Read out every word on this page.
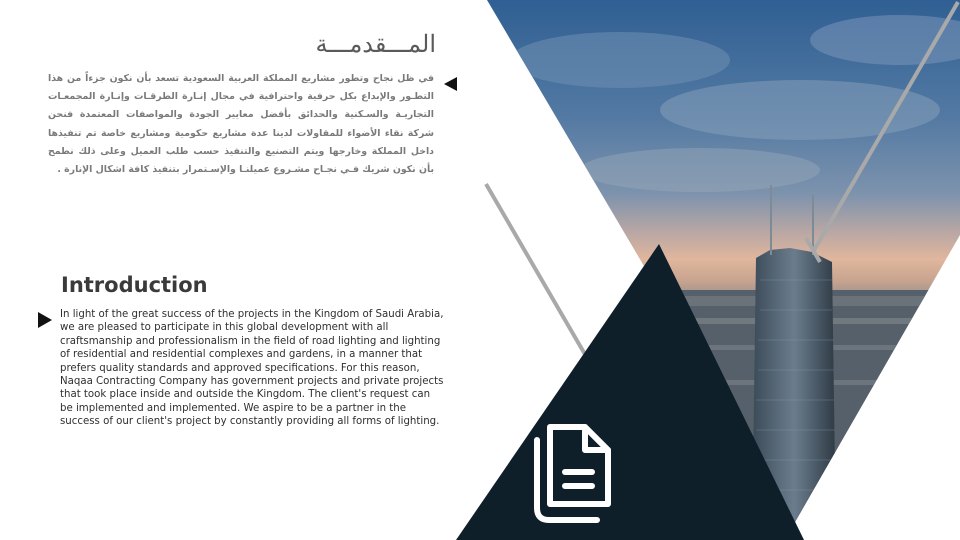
المـــقدمـــة
في ظل نجاح وتطور مشاريع المملكة العربية السعودية تسعد بأن نكون جزءاً من هذا التطـور والإبداع بكل حرفية واحترافية في مجال إنـارة الطرقـات وإنـارة المجمعـات التجاريـة والسـكنية والحدائق بأفضل معايير الجودة والمواصفات المعتمدة فنحن شركة نقاء الأضواء للمقاولات لدينا عدة مشاريع حكومية ومشاريع خاصة تم تنفيذها داخل المملكة وخارجها ويتم التصنيع والتنفيذ حسب طلب العميل وعلى ذلك نطمح بأن نكون شريك فـي نجـاح مشـروع عميلنـا والإسـتمرار بتنفيذ كافة اشكال الإنارة .
Introduction
In light of the great success of the projects in the Kingdom of Saudi Arabia, we are pleased to participate in this global development with all craftsmanship and professionalism in the field of road lighting and lighting of residential and residential complexes and gardens, in a manner that prefers quality standards and approved specifications. For this reason, Naqaa Contracting Company has government projects and private projects that took place inside and outside the Kingdom. The client's request can be implemented and implemented. We aspire to be a partner in the success of our client's project by constantly providing all forms of lighting.
